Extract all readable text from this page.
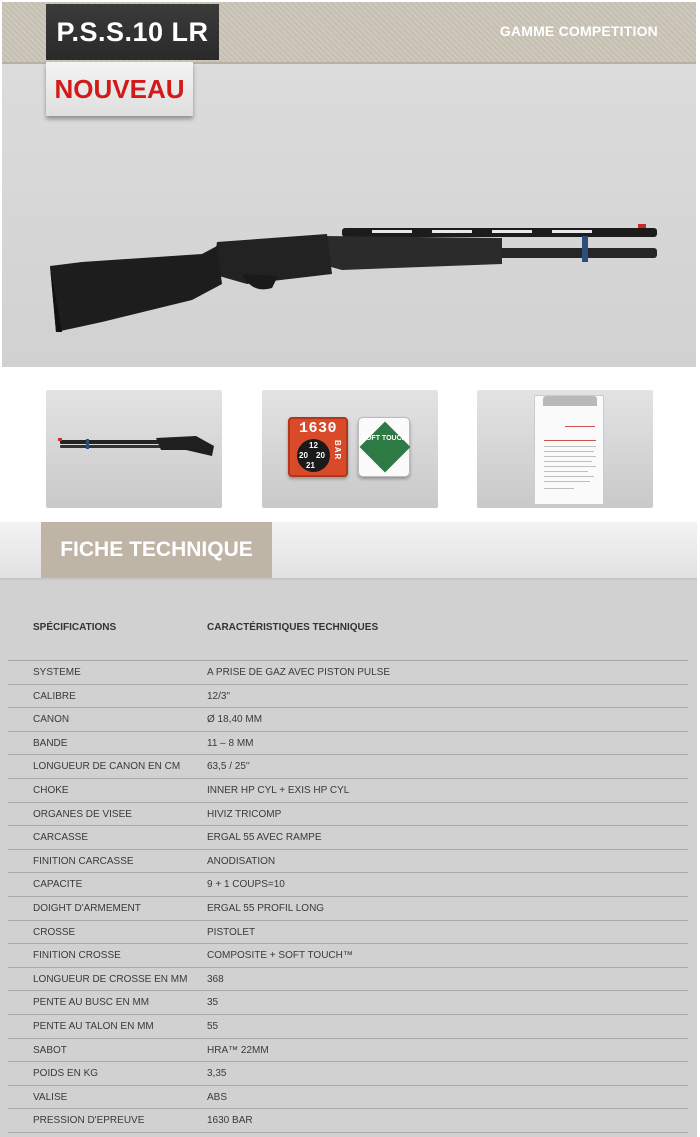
P.S.S.10 LR	GAMME COMPETITION
NOUVEAU
1630
12
20 20
21
BAR
SOFT TOUCH
FICHE TECHNIQUE
SPÉCIFICATIONS	CARACTÉRISTIQUES TECHNIQUES
SYSTEME	A PRISE DE GAZ AVEC PISTON PULSE
CALIBRE	12/3"
CANON	Ø 18,40 MM
BANDE	11 – 8 MM
LONGUEUR DE CANON EN CM	63,5 / 25''
CHOKE	INNER HP CYL + EXIS HP CYL
ORGANES DE VISEE	HIVIZ TRICOMP
CARCASSE	ERGAL 55 AVEC RAMPE
FINITION CARCASSE	ANODISATION
CAPACITE	9 + 1 COUPS=10
DOIGHT D'ARMEMENT	ERGAL 55 PROFIL LONG
CROSSE	PISTOLET
FINITION CROSSE	COMPOSITE + SOFT TOUCH™
LONGUEUR DE CROSSE EN MM 368
PENTE AU BUSC EN MM	35
PENTE AU TALON EN MM	55
SABOT	HRA™ 22MM
POIDS EN KG	3,35
VALISE	ABS
PRESSION D'EPREUVE	1630 BAR
